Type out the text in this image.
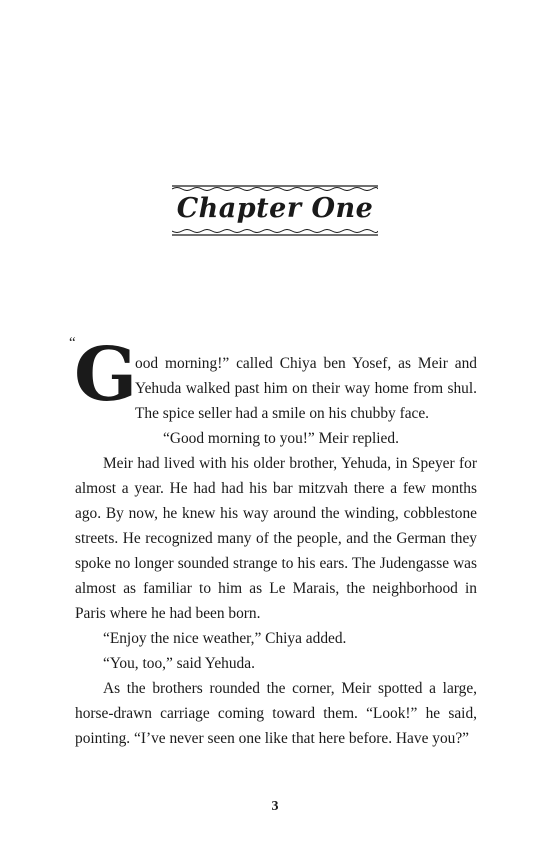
Chapter One

“
G
ood morning!” called Chiya ben Yosef, as Meir and Yehuda walked past him on their way home from shul. The spice seller had a smile on his chubby face.

“Good morning to you!” Meir replied.

Meir had lived with his older brother, Yehuda, in Speyer for almost a year. He had had his bar mitzvah there a few months ago. By now, he knew his way around the winding, cobblestone streets. He recognized many of the people, and the German they spoke no longer sounded strange to his ears. The Judengasse was almost as familiar to him as Le Marais, the neighborhood in Paris where he had been born.

“Enjoy the nice weather,” Chiya added.

“You, too,” said Yehuda.

As the brothers rounded the corner, Meir spotted a large, horse-drawn carriage coming toward them. “Look!” he said, pointing. “I’ve never seen one like that here before. Have you?”

3
